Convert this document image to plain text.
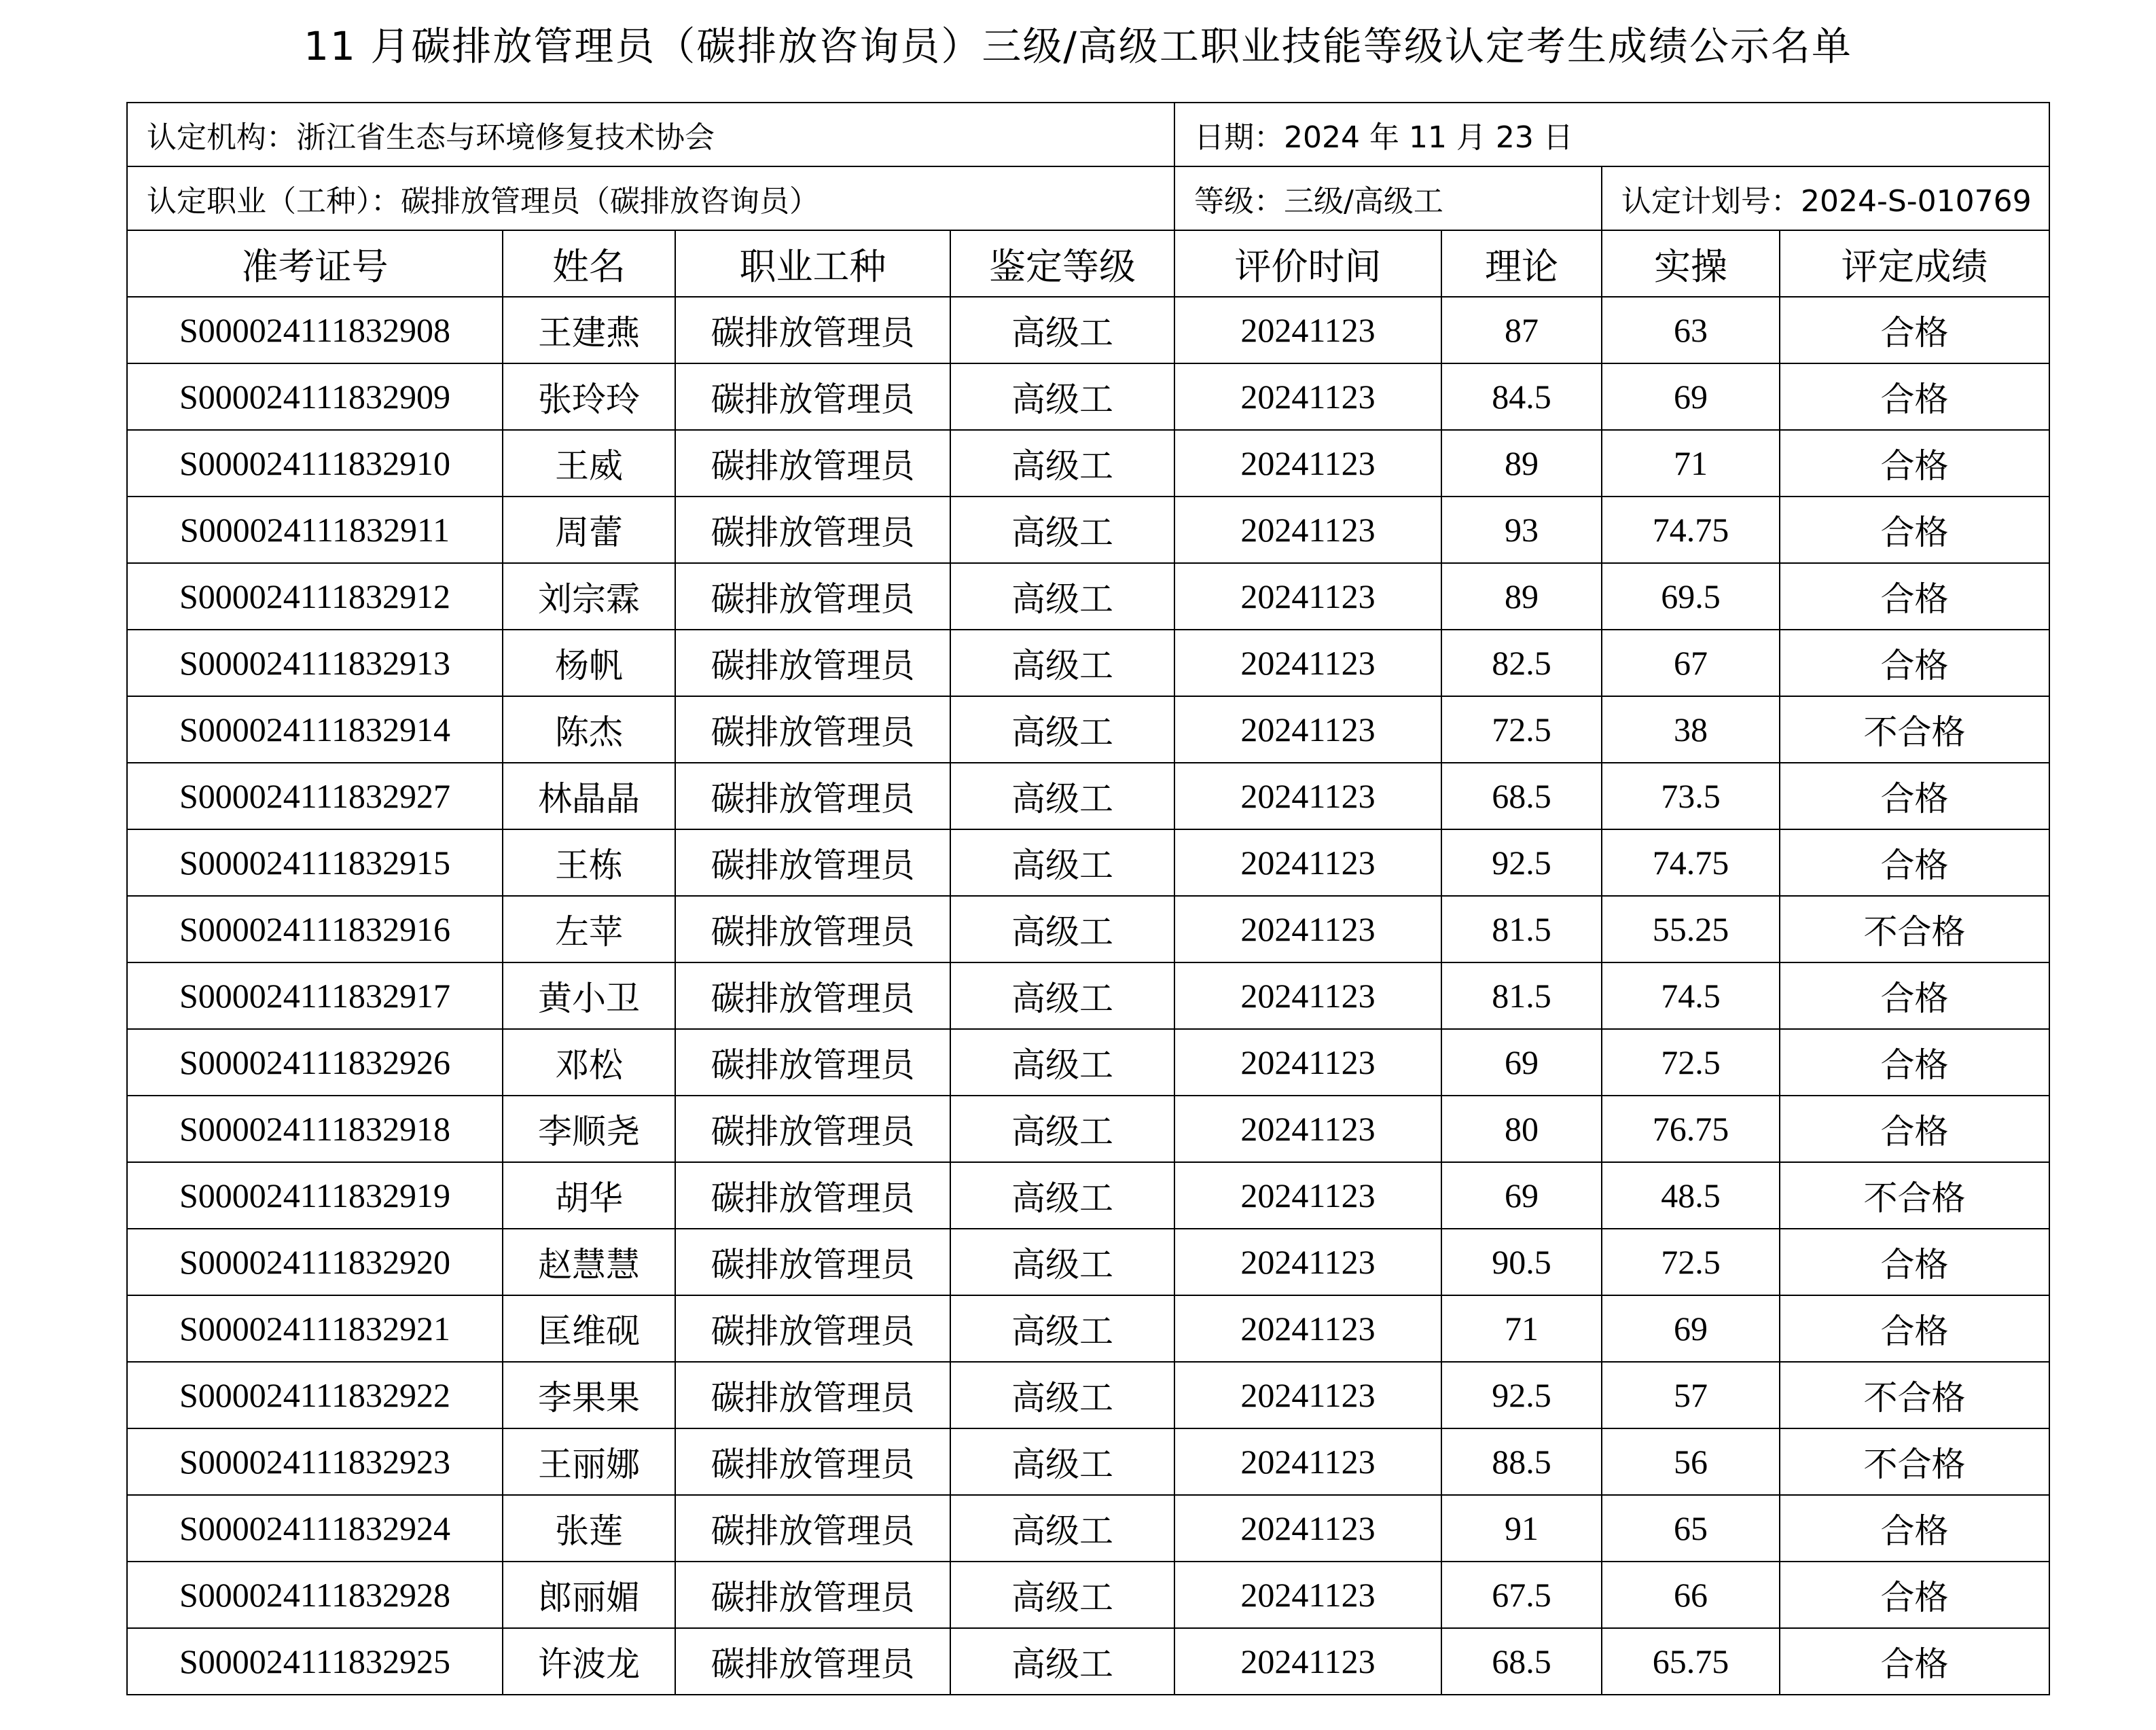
11 月碳排放管理员（碳排放咨询员）三级/高级工职业技能等级认定考生成绩公示名单
认定机构：浙江省生态与环境修复技术协会				日期：2024 年 11 月 23 日			
认定职业（工种）：碳排放管理员（碳排放咨询员）				等级：三级/高级工		认定计划号：2024-S-010769	
准考证号	姓名	职业工种	鉴定等级	评价时间	理论	实操	评定成绩
S000024111832908	王建燕	碳排放管理员	高级工	20241123	87	63	合格
S000024111832909	张玲玲	碳排放管理员	高级工	20241123	84.5	69	合格
S000024111832910	王威	碳排放管理员	高级工	20241123	89	71	合格
S000024111832911	周蕾	碳排放管理员	高级工	20241123	93	74.75	合格
S000024111832912	刘宗霖	碳排放管理员	高级工	20241123	89	69.5	合格
S000024111832913	杨帆	碳排放管理员	高级工	20241123	82.5	67	合格
S000024111832914	陈杰	碳排放管理员	高级工	20241123	72.5	38	不合格
S000024111832927	林晶晶	碳排放管理员	高级工	20241123	68.5	73.5	合格
S000024111832915	王栋	碳排放管理员	高级工	20241123	92.5	74.75	合格
S000024111832916	左苹	碳排放管理员	高级工	20241123	81.5	55.25	不合格
S000024111832917	黄小卫	碳排放管理员	高级工	20241123	81.5	74.5	合格
S000024111832926	邓松	碳排放管理员	高级工	20241123	69	72.5	合格
S000024111832918	李顺尧	碳排放管理员	高级工	20241123	80	76.75	合格
S000024111832919	胡华	碳排放管理员	高级工	20241123	69	48.5	不合格
S000024111832920	赵慧慧	碳排放管理员	高级工	20241123	90.5	72.5	合格
S000024111832921	匡维砚	碳排放管理员	高级工	20241123	71	69	合格
S000024111832922	李果果	碳排放管理员	高级工	20241123	92.5	57	不合格
S000024111832923	王丽娜	碳排放管理员	高级工	20241123	88.5	56	不合格
S000024111832924	张莲	碳排放管理员	高级工	20241123	91	65	合格
S000024111832928	郎丽媚	碳排放管理员	高级工	20241123	67.5	66	合格
S000024111832925	许波龙	碳排放管理员	高级工	20241123	68.5	65.75	合格
